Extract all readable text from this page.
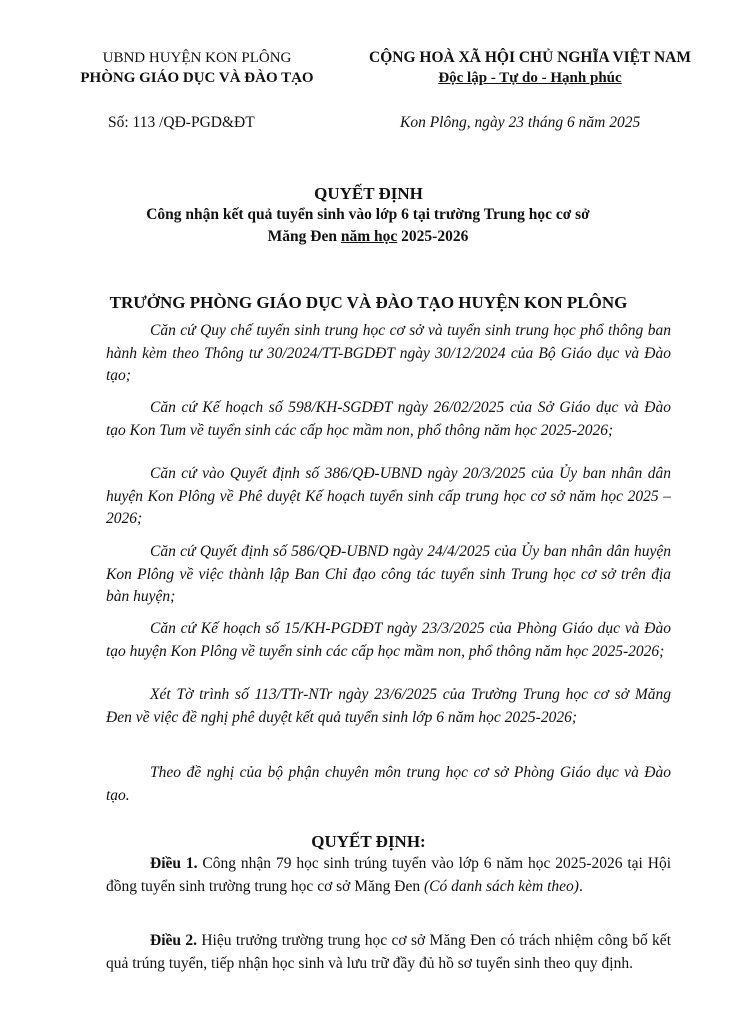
UBND HUYỆN KON PLÔNG
PHÒNG GIÁO DỤC VÀ ĐÀO TẠO
CỘNG HOÀ XÃ HỘI CHỦ NGHĨA VIỆT NAM
Độc lập - Tự do - Hạnh phúc
Số: 113 /QĐ-PGD&ĐT	Kon Plông, ngày 23 tháng 6 năm 2025
QUYẾT ĐỊNH
Công nhận kết quả tuyển sinh vào lớp 6 tại trường Trung học cơ sở
Măng Đen năm học 2025-2026
TRƯỞNG PHÒNG GIÁO DỤC VÀ ĐÀO TẠO HUYỆN KON PLÔNG
Căn cứ Quy chế tuyển sinh trung học cơ sở và tuyển sinh trung học phổ thông ban hành kèm theo Thông tư 30/2024/TT-BGDĐT ngày 30/12/2024 của Bộ Giáo dục và Đào tạo;
Căn cứ Kế hoạch số 598/KH-SGDĐT ngày 26/02/2025 của Sở Giáo dục và Đào tạo Kon Tum về tuyển sinh các cấp học mầm non, phổ thông năm học 2025-2026;
Căn cứ vào Quyết định số 386/QĐ-UBND ngày 20/3/2025 của Ủy ban nhân dân huyện Kon Plông về Phê duyệt Kế hoạch tuyển sinh cấp trung học cơ sở năm học 2025 – 2026;
Căn cứ Quyết định số 586/QĐ-UBND ngày 24/4/2025 của Ủy ban nhân dân huyện Kon Plông về việc thành lập Ban Chỉ đạo công tác tuyển sinh Trung học cơ sở trên địa bàn huyện;
Căn cứ Kế hoạch số 15/KH-PGDĐT ngày 23/3/2025 của Phòng Giáo dục và Đào tạo huyện Kon Plông về tuyển sinh các cấp học mầm non, phổ thông năm học 2025-2026;
Xét Tờ trình số 113/TTr-NTr ngày 23/6/2025 của Trường Trung học cơ sở Măng Đen về việc đề nghị phê duyệt kết quả tuyển sinh lớp 6 năm học 2025-2026;
Theo đề nghị của bộ phận chuyên môn trung học cơ sở Phòng Giáo dục và Đào tạo.
QUYẾT ĐỊNH:
Điều 1. Công nhận 79 học sinh trúng tuyển vào lớp 6 năm học 2025-2026 tại Hội đồng tuyển sinh trường trung học cơ sở Măng Đen (Có danh sách kèm theo).
Điều 2. Hiệu trưởng trường trung học cơ sở Măng Đen có trách nhiệm công bố kết quả trúng tuyển, tiếp nhận học sinh và lưu trữ đầy đủ hồ sơ tuyển sinh theo quy định.
